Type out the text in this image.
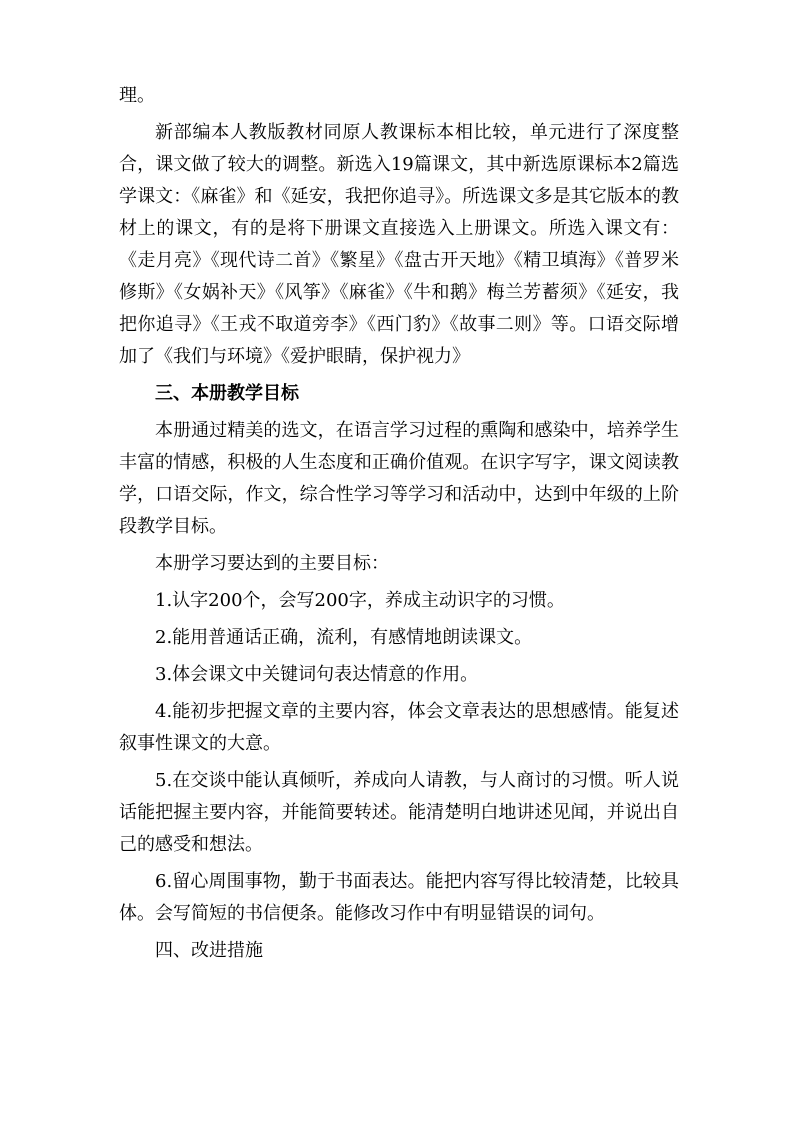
理。

新部编本人教版教材同原人教课标本相比较，单元进行了深度整合，课文做了较大的调整。新选入19篇课文，其中新选原课标本2篇选学课文：《麻雀》和《延安，我把你追寻》。所选课文多是其它版本的教材上的课文，有的是将下册课文直接选入上册课文。所选入课文有：《走月亮》《现代诗二首》《繁星》《盘古开天地》《精卫填海》《普罗米修斯》《女娲补天》《风筝》《麻雀》《牛和鹅》梅兰芳蓄须》《延安，我把你追寻》《王戎不取道旁李》《西门豹》《故事二则》等。口语交际增加了《我们与环境》《爱护眼睛，保护视力》

三、本册教学目标

本册通过精美的选文，在语言学习过程的熏陶和感染中，培养学生丰富的情感，积极的人生态度和正确价值观。在识字写字，课文阅读教学，口语交际，作文，综合性学习等学习和活动中，达到中年级的上阶段教学目标。

本册学习要达到的主要目标：

1.认字200个，会写200字，养成主动识字的习惯。

2.能用普通话正确，流利，有感情地朗读课文。

3.体会课文中关键词句表达情意的作用。

4.能初步把握文章的主要内容，体会文章表达的思想感情。能复述叙事性课文的大意。

5.在交谈中能认真倾听，养成向人请教，与人商讨的习惯。听人说话能把握主要内容，并能简要转述。能清楚明白地讲述见闻，并说出自己的感受和想法。

6.留心周围事物，勤于书面表达。能把内容写得比较清楚，比较具体。会写简短的书信便条。能修改习作中有明显错误的词句。

四、改进措施
